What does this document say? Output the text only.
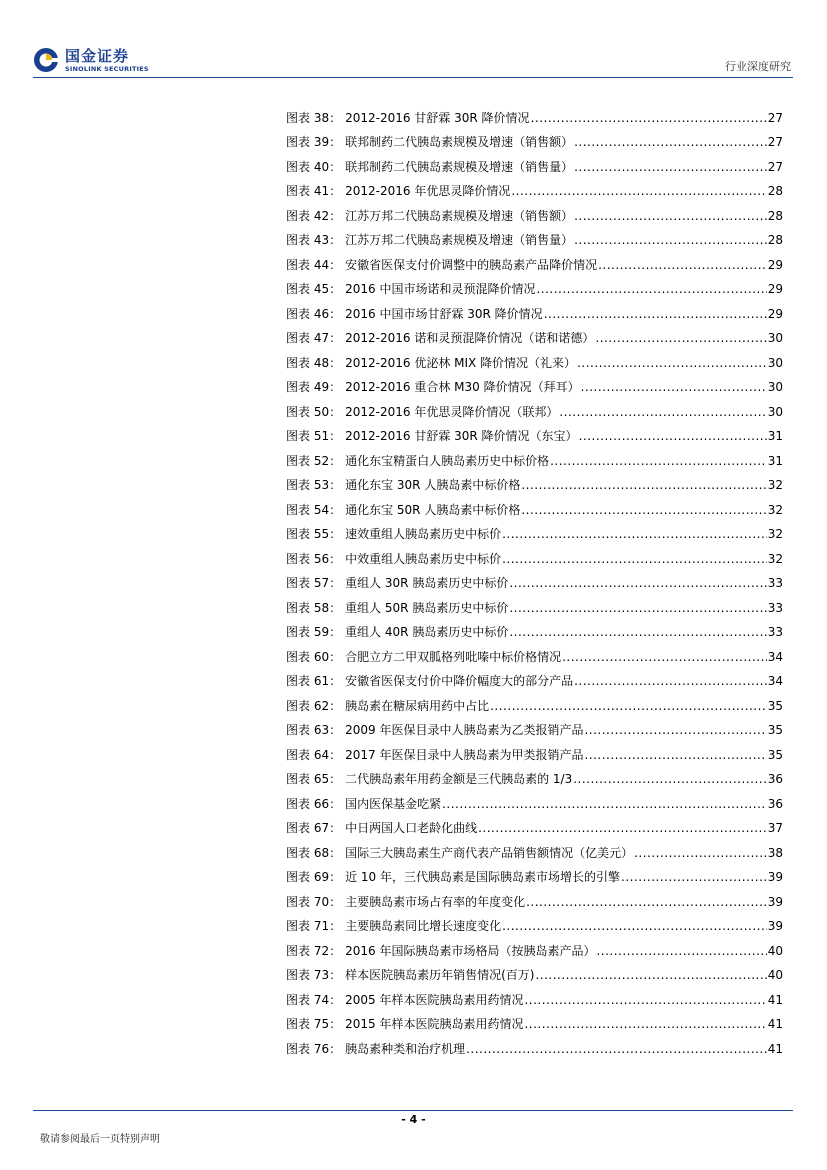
国金证券
SINOLINK SECURITIES	行业深度研究
图表 38： 2012-2016 甘舒霖 30R 降价情况 .....	27
图表 39： 联邦制药二代胰岛素规模及增速（销售额） .....	27
图表 40： 联邦制药二代胰岛素规模及增速（销售量） .....	27
图表 41： 2012-2016 年优思灵降价情况 .....	28
图表 42： 江苏万邦二代胰岛素规模及增速（销售额） .....	28
图表 43： 江苏万邦二代胰岛素规模及增速（销售量） .....	28
图表 44： 安徽省医保支付价调整中的胰岛素产品降价情况 .....	29
图表 45： 2016 中国市场诺和灵预混降价情况 .....	29
图表 46： 2016 中国市场甘舒霖 30R 降价情况 .....	29
图表 47： 2012-2016 诺和灵预混降价情况（诺和诺德） .....	30
图表 48： 2012-2016 优泌林 MIX 降价情况（礼来） .....	30
图表 49： 2012-2016 重合林 M30 降价情况（拜耳） .....	30
图表 50： 2012-2016 年优思灵降价情况（联邦） .....	30
图表 51： 2012-2016 甘舒霖 30R 降价情况（东宝） .....	31
图表 52： 通化东宝精蛋白人胰岛素历史中标价格 .....	31
图表 53： 通化东宝 30R 人胰岛素中标价格 .....	32
图表 54： 通化东宝 50R 人胰岛素中标价格 .....	32
图表 55： 速效重组人胰岛素历史中标价 .....	32
图表 56： 中效重组人胰岛素历史中标价 .....	32
图表 57： 重组人 30R 胰岛素历史中标价 .....	33
图表 58： 重组人 50R 胰岛素历史中标价 .....	33
图表 59： 重组人 40R 胰岛素历史中标价 .....	33
图表 60： 合肥立方二甲双胍格列吡嗪中标价格情况 .....	34
图表 61： 安徽省医保支付价中降价幅度大的部分产品 .....	34
图表 62： 胰岛素在糖尿病用药中占比 .....	35
图表 63： 2009 年医保目录中人胰岛素为乙类报销产品 .....	35
图表 64： 2017 年医保目录中人胰岛素为甲类报销产品 .....	35
图表 65： 二代胰岛素年用药金额是三代胰岛素的 1/3 .....	36
图表 66： 国内医保基金吃紧 .....	36
图表 67： 中日两国人口老龄化曲线 .....	37
图表 68： 国际三大胰岛素生产商代表产品销售额情况（亿美元） .....	38
图表 69： 近 10 年，三代胰岛素是国际胰岛素市场增长的引擎 .....	39
图表 70： 主要胰岛素市场占有率的年度变化 .....	39
图表 71： 主要胰岛素同比增长速度变化 .....	39
图表 72： 2016 年国际胰岛素市场格局（按胰岛素产品） .....	40
图表 73： 样本医院胰岛素历年销售情况(百万) .....	40
图表 74： 2005 年样本医院胰岛素用药情况 .....	41
图表 75： 2015 年样本医院胰岛素用药情况 .....	41
图表 76： 胰岛素种类和治疗机理 .....	41
- 4 -
敬请参阅最后一页特别声明
